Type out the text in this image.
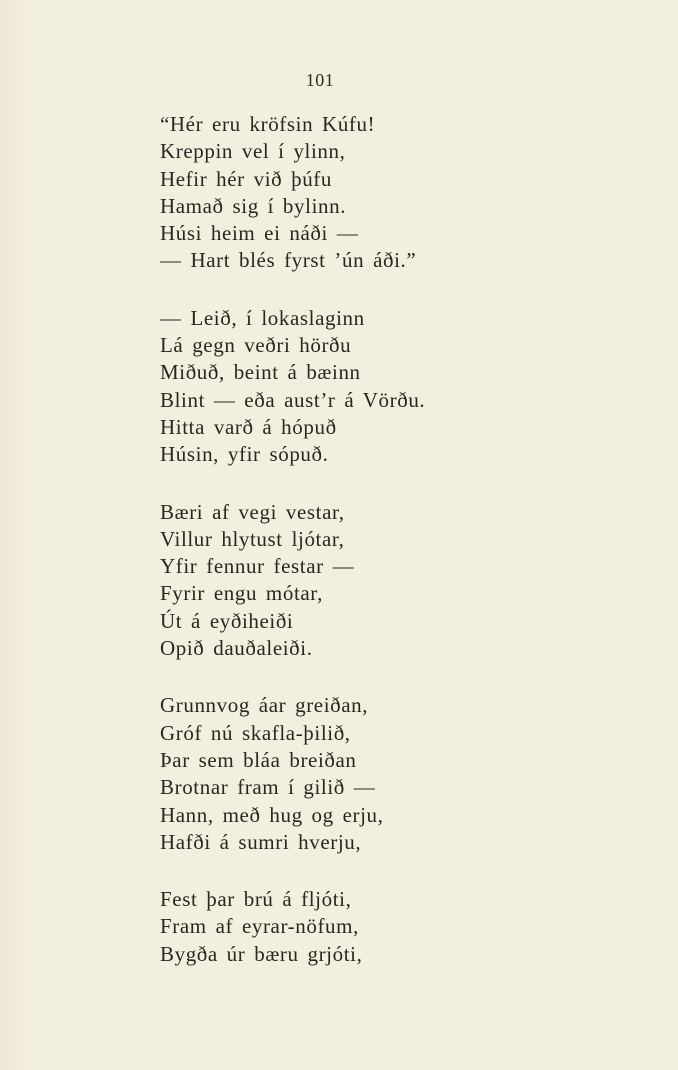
101
“Hér eru kröfsin Kúfu!
Kreppin vel í ylinn,
Hefir hér við þúfu
Hamað sig í bylinn.
Húsi heim ei náði —
— Hart blés fyrst ’ún áði.”
— Leið, í lokaslaginn
Lá gegn veðri hörðu
Miðuð, beint á bæinn
Blint — eða aust’r á Vörðu.
Hitta varð á hópuð
Húsin, yfir sópuð.
Bæri af vegi vestar,
Villur hlytust ljótar,
Yfir fennur festar —
Fyrir engu mótar,
Út á eyðiheiði
Opið dauðaleiði.
Grunnvog áar greiðan,
Gróf nú skafla-þilið,
Þar sem bláa breiðan
Brotnar fram í gilið —
Hann, með hug og erju,
Hafði á sumri hverju,
Fest þar brú á fljóti,
Fram af eyrar-nöfum,
Bygða úr bæru grjóti,
